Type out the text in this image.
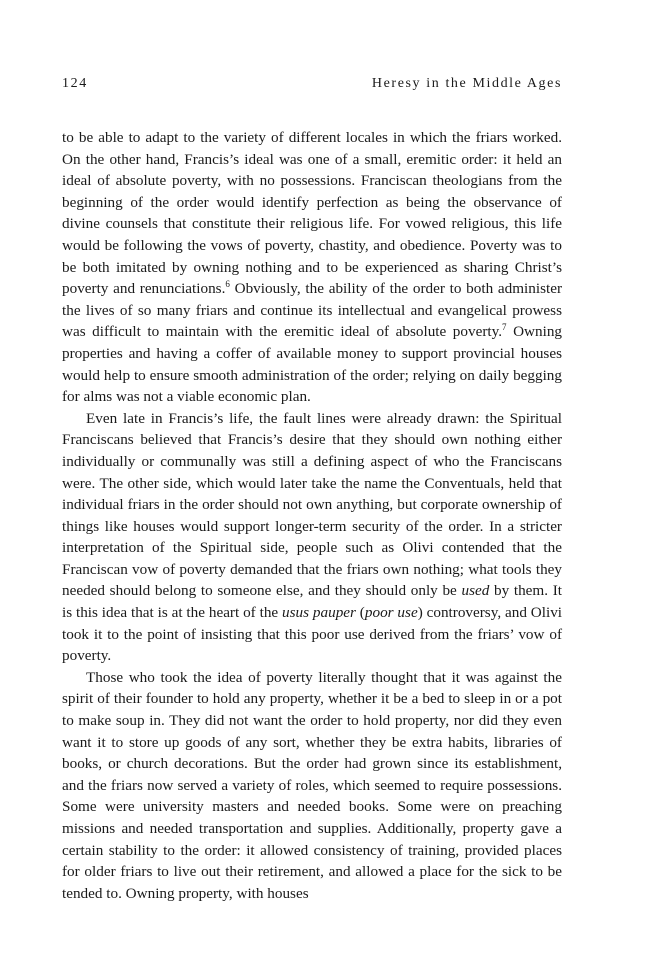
124	Heresy in the Middle Ages

to be able to adapt to the variety of different locales in which the friars worked. On the other hand, Francis’s ideal was one of a small, eremitic order: it held an ideal of absolute poverty, with no possessions. Franciscan theologians from the beginning of the order would identify perfection as being the observance of divine counsels that constitute their religious life. For vowed religious, this life would be following the vows of poverty, chastity, and obedience. Poverty was to be both imitated by owning nothing and to be experienced as sharing Christ’s poverty and renunciations.$^6$ Obviously, the ability of the order to both administer the lives of so many friars and continue its intellectual and evangelical prowess was difficult to maintain with the eremitic ideal of absolute poverty.$^7$ Owning properties and having a coffer of available money to support provincial houses would help to ensure smooth administration of the order; relying on daily begging for alms was not a viable economic plan.

Even late in Francis’s life, the fault lines were already drawn: the Spiritual Franciscans believed that Francis’s desire that they should own nothing either individually or communally was still a defining aspect of who the Franciscans were. The other side, which would later take the name the Conventuals, held that individual friars in the order should not own anything, but corporate ownership of things like houses would support longer-term security of the order. In a stricter interpretation of the Spiritual side, people such as Olivi contended that the Franciscan vow of poverty demanded that the friars own nothing; what tools they needed should belong to someone else, and they should only be used by them. It is this idea that is at the heart of the usus pauper (poor use) controversy, and Olivi took it to the point of insisting that this poor use derived from the friars’ vow of poverty.

Those who took the idea of poverty literally thought that it was against the spirit of their founder to hold any property, whether it be a bed to sleep in or a pot to make soup in. They did not want the order to hold property, nor did they even want it to store up goods of any sort, whether they be extra habits, libraries of books, or church decorations. But the order had grown since its establishment, and the friars now served a variety of roles, which seemed to require possessions. Some were university masters and needed books. Some were on preaching missions and needed transportation and supplies. Additionally, property gave a certain stability to the order: it allowed consistency of training, provided places for older friars to live out their retirement, and allowed a place for the sick to be tended to. Owning property, with houses
